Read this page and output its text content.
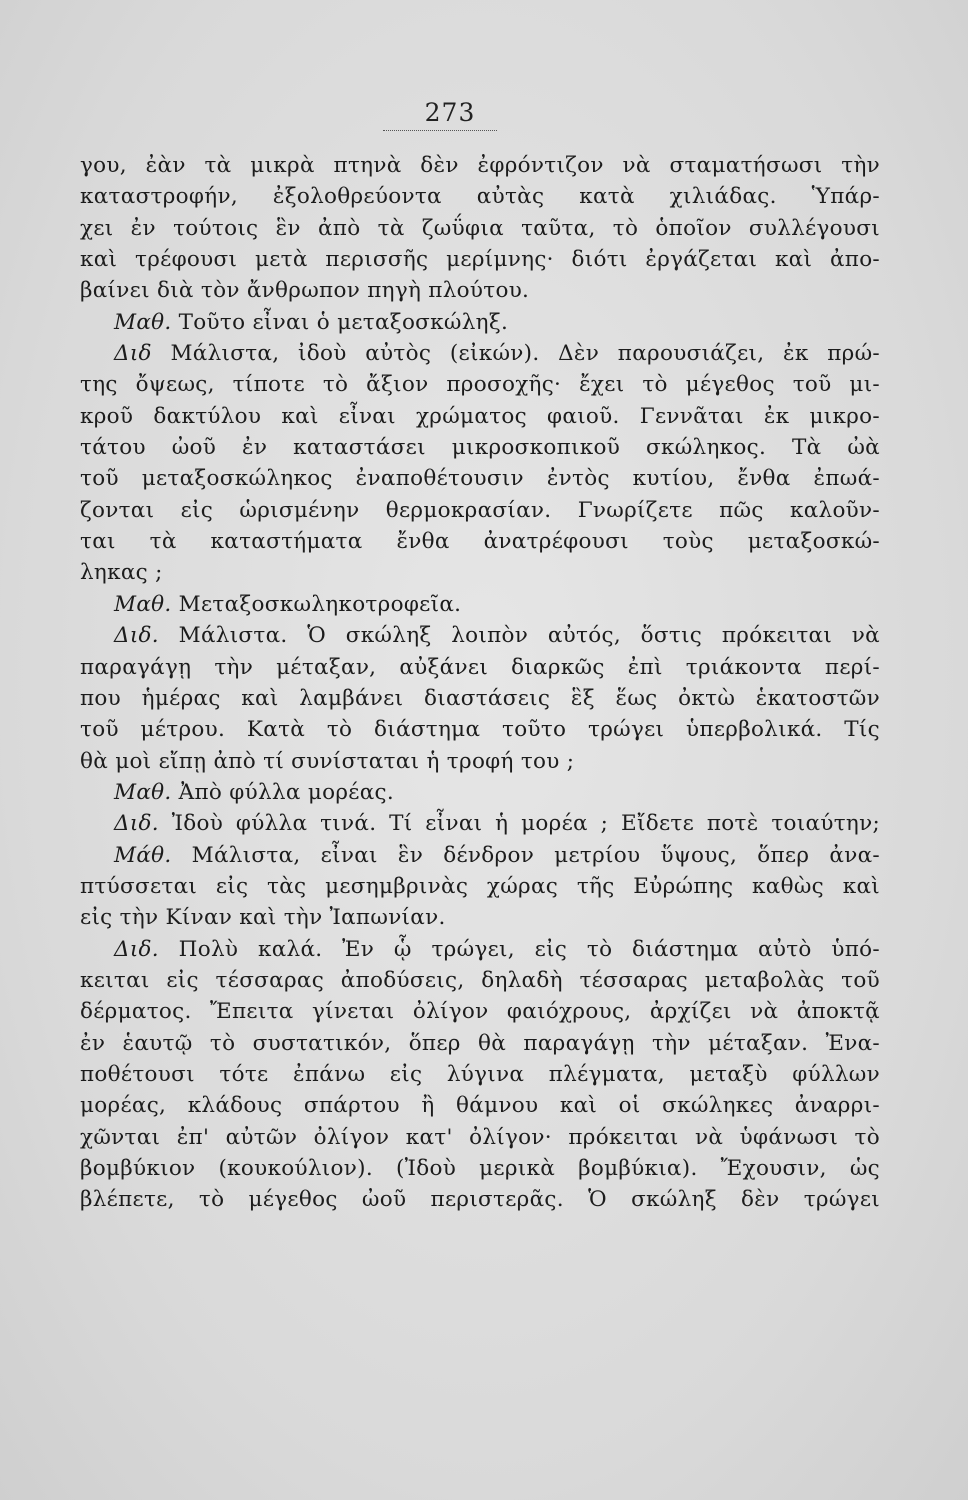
273
γου, ἐὰν τὰ μικρὰ πτηνὰ δὲν ἐφρόντιζον νὰ σταματήσωσι τὴν
καταστροφήν, ἐξολοθρεύοντα αὐτὰς κατὰ χιλιάδας. Ὑπάρ-
χει ἐν τούτοις ἓν ἀπὸ τὰ ζωΰφια ταῦτα, τὸ ὁποῖον συλλέγουσι
καὶ τρέφουσι μετὰ περισσῆς μερίμνης· διότι ἐργάζεται καὶ ἀπο-
βαίνει διὰ τὸν ἄνθρωπον πηγὴ πλούτου.
Μαθ. Τοῦτο εἶναι ὁ μεταξοσκώληξ.
Διδ Μάλιστα, ἰδοὺ αὐτὸς (εἰκών). Δὲν παρουσιάζει, ἐκ πρώ-
της ὄψεως, τίποτε τὸ ἄξιον προσοχῆς· ἔχει τὸ μέγεθος τοῦ μι-
κροῦ δακτύλου καὶ εἶναι χρώματος φαιοῦ. Γεννᾶται ἐκ μικρο-
τάτου ὠοῦ ἐν καταστάσει μικροσκοπικοῦ σκώληκος. Τὰ ὠὰ
τοῦ μεταξοσκώληκος ἐναποθέτουσιν ἐντὸς κυτίου, ἔνθα ἐπωά-
ζονται εἰς ὡρισμένην θερμοκρασίαν. Γνωρίζετε πῶς καλοῦν-
ται τὰ καταστήματα ἔνθα ἀνατρέφουσι τοὺς μεταξοσκώ-
ληκας ;
Μαθ. Μεταξοσκωληκοτροφεῖα.
Διδ. Μάλιστα. Ὁ σκώληξ λοιπὸν αὐτός, ὅστις πρόκειται νὰ
παραγάγῃ τὴν μέταξαν, αὐξάνει διαρκῶς ἐπὶ τριάκοντα περί-
που ἡμέρας καὶ λαμβάνει διαστάσεις ἓξ ἕως ὀκτὼ ἑκατοστῶν
τοῦ μέτρου. Κατὰ τὸ διάστημα τοῦτο τρώγει ὑπερβολικά. Τίς
θὰ μοὶ εἴπῃ ἀπὸ τί συνίσταται ἡ τροφή του ;
Μαθ. Ἀπὸ φύλλα μορέας.
Διδ. Ἰδοὺ φύλλα τινά. Τί εἶναι ἡ μορέα ; Εἴδετε ποτὲ τοιαύτην;
Μάθ. Μάλιστα, εἶναι ἓν δένδρον μετρίου ὕψους, ὅπερ ἀνα-
πτύσσεται εἰς τὰς μεσημβρινὰς χώρας τῆς Εὐρώπης καθὼς καὶ
εἰς τὴν Κίναν καὶ τὴν Ἰαπωνίαν.
Διδ. Πολὺ καλά. Ἐν ᾧ τρώγει, εἰς τὸ διάστημα αὐτὸ ὑπό-
κειται εἰς τέσσαρας ἀποδύσεις, δηλαδὴ τέσσαρας μεταβολὰς τοῦ
δέρματος. Ἔπειτα γίνεται ὀλίγον φαιόχρους, ἀρχίζει νὰ ἀποκτᾷ
ἐν ἑαυτῷ τὸ συστατικόν, ὅπερ θὰ παραγάγῃ τὴν μέταξαν. Ἐνα-
ποθέτουσι τότε ἐπάνω εἰς λύγινα πλέγματα, μεταξὺ φύλλων
μορέας, κλάδους σπάρτου ἢ θάμνου καὶ οἱ σκώληκες ἀναρρι-
χῶνται ἐπ' αὐτῶν ὀλίγον κατ' ὀλίγον· πρόκειται νὰ ὑφάνωσι τὸ
βομβύκιον (κουκούλιον). (Ἰδοὺ μερικὰ βομβύκια). Ἔχουσιν, ὡς
βλέπετε, τὸ μέγεθος ὠοῦ περιστερᾶς. Ὁ σκώληξ δὲν τρώγει
